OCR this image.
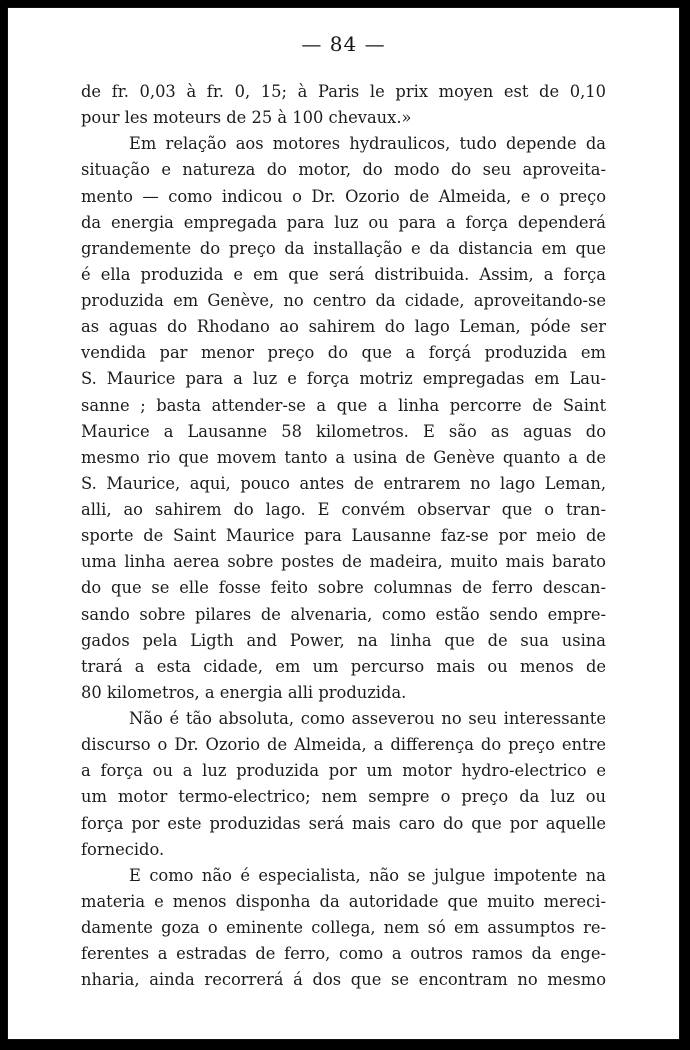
— 84 —
de fr. 0,03 à fr. 0, 15; à Paris le prix moyen est de 0,10
pour les moteurs de 25 à 100 chevaux.»
Em relação aos motores hydraulicos, tudo depende da
situação e natureza do motor, do modo do seu aproveita-
mento — como indicou o Dr. Ozorio de Almeida, e o preço
da energia empregada para luz ou para a força dependerá
grandemente do preço da installação e da distancia em que
é ella produzida e em que será distribuida. Assim, a força
produzida em Genève, no centro da cidade, aproveitando-se
as aguas do Rhodano ao sahirem do lago Leman, póde ser
vendida par menor preço do que a forçá produzida em
S. Maurice para a luz e força motriz empregadas em Lau-
sanne ; basta attender-se a que a linha percorre de Saint
Maurice a Lausanne 58 kilometros. E são as aguas do
mesmo rio que movem tanto a usina de Genève quanto a de
S. Maurice, aqui, pouco antes de entrarem no lago Leman,
alli, ao sahirem do lago. E convém observar que o tran-
sporte de Saint Maurice para Lausanne faz-se por meio de
uma linha aerea sobre postes de madeira, muito mais barato
do que se elle fosse feito sobre columnas de ferro descan-
sando sobre pilares de alvenaria, como estão sendo empre-
gados pela Ligth and Power, na linha que de sua usina
trará a esta cidade, em um percurso mais ou menos de
80 kilometros, a energia alli produzida.
Não é tão absoluta, como asseverou no seu interessante
discurso o Dr. Ozorio de Almeida, a differença do preço entre
a força ou a luz produzida por um motor hydro-electrico e
um motor termo-electrico; nem sempre o preço da luz ou
força por este produzidas será mais caro do que por aquelle
fornecido.
E como não é especialista, não se julgue impotente na
materia e menos disponha da autoridade que muito mereci-
damente goza o eminente collega, nem só em assumptos re-
ferentes a estradas de ferro, como a outros ramos da enge-
nharia, ainda recorrerá á dos que se encontram no mesmo
